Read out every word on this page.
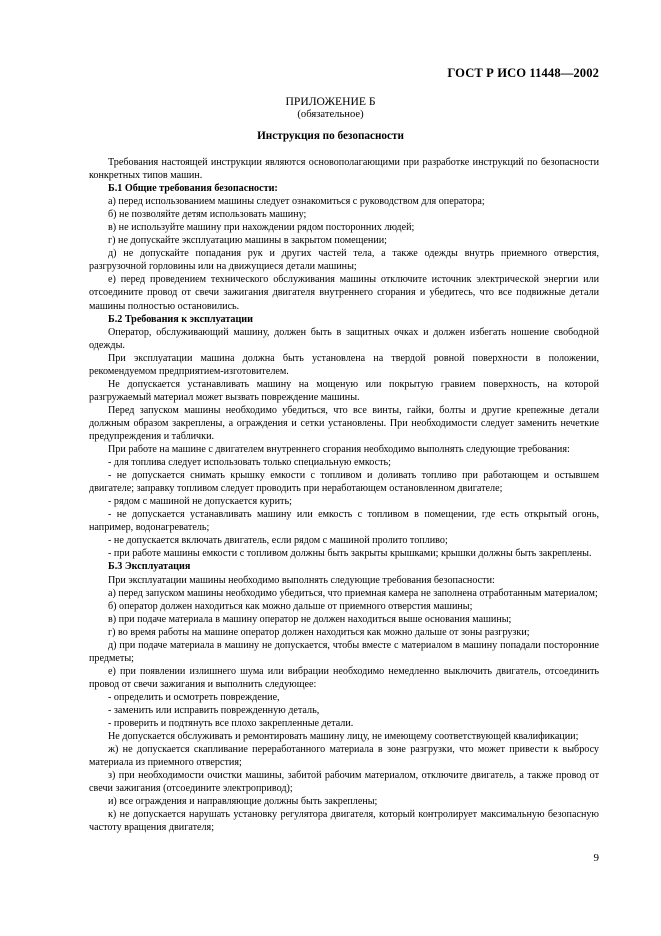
ГОСТ Р ИСО 11448—2002
ПРИЛОЖЕНИЕ Б
(обязательное)
Инструкция по безопасности

Требования настоящей инструкции являются основополагающими при разработке инструкций по безопасности конкретных типов машин.

Б.1 Общие требования безопасности:

а) перед использованием машины следует ознакомиться с руководством для оператора;

б) не позволяйте детям использовать машину;

в) не используйте машину при нахождении рядом посторонних людей;

г) не допускайте эксплуатацию машины в закрытом помещении;

д) не допускайте попадания рук и других частей тела, а также одежды внутрь приемного отверстия, разгрузочной горловины или на движущиеся детали машины;

е) перед проведением технического обслуживания машины отключите источник электрической энергии или отсоедините провод от свечи зажигания двигателя внутреннего сгорания и убедитесь, что все подвижные детали машины полностью остановились.

Б.2 Требования к эксплуатации

Оператор, обслуживающий машину, должен быть в защитных очках и должен избегать ношение свободной одежды.

При эксплуатации машина должна быть установлена на твердой ровной поверхности в положении, рекомендуемом предприятием-изготовителем.

Не допускается устанавливать машину на мощеную или покрытую гравием поверхность, на которой разгружаемый материал может вызвать повреждение машины.

Перед запуском машины необходимо убедиться, что все винты, гайки, болты и другие крепежные детали должным образом закреплены, а ограждения и сетки установлены. При необходимости следует заменить нечеткие предупреждения и таблички.

При работе на машине с двигателем внутреннего сгорания необходимо выполнять следующие требования:

- для топлива следует использовать только специальную емкость;

- не допускается снимать крышку емкости с топливом и доливать топливо при работающем и остывшем двигателе; заправку топливом следует проводить при неработающем остановленном двигателе;

- рядом с машиной не допускается курить;

- не допускается устанавливать машину или емкость с топливом в помещении, где есть открытый огонь, например, водонагреватель;

- не допускается включать двигатель, если рядом с машиной пролито топливо;

- при работе машины емкости с топливом должны быть закрыты крышками; крышки должны быть закреплены.

Б.3 Эксплуатация

При эксплуатации машины необходимо выполнять следующие требования безопасности:

а) перед запуском машины необходимо убедиться, что приемная камера не заполнена отработанным материалом;

б) оператор должен находиться как можно дальше от приемного отверстия машины;

в) при подаче материала в машину оператор не должен находиться выше основания машины;

г) во время работы на машине оператор должен находиться как можно дальше от зоны разгрузки;

д) при подаче материала в машину не допускается, чтобы вместе с материалом в машину попадали посторонние предметы;

е) при появлении излишнего шума или вибрации необходимо немедленно выключить двигатель, отсоединить провод от свечи зажигания и выполнить следующее:

- определить и осмотреть повреждение,

- заменить или исправить поврежденную деталь,

- проверить и подтянуть все плохо закрепленные детали.

Не допускается обслуживать и ремонтировать машину лицу, не имеющему соответствующей квалификации;

ж) не допускается скапливание переработанного материала в зоне разгрузки, что может привести к выбросу материала из приемного отверстия;

з) при необходимости очистки машины, забитой рабочим материалом, отключите двигатель, а также провод от свечи зажигания (отсоедините электропривод);

и) все ограждения и направляющие должны быть закреплены;

к) не допускается нарушать установку регулятора двигателя, который контролирует максимальную безопасную частоту вращения двигателя;

9
